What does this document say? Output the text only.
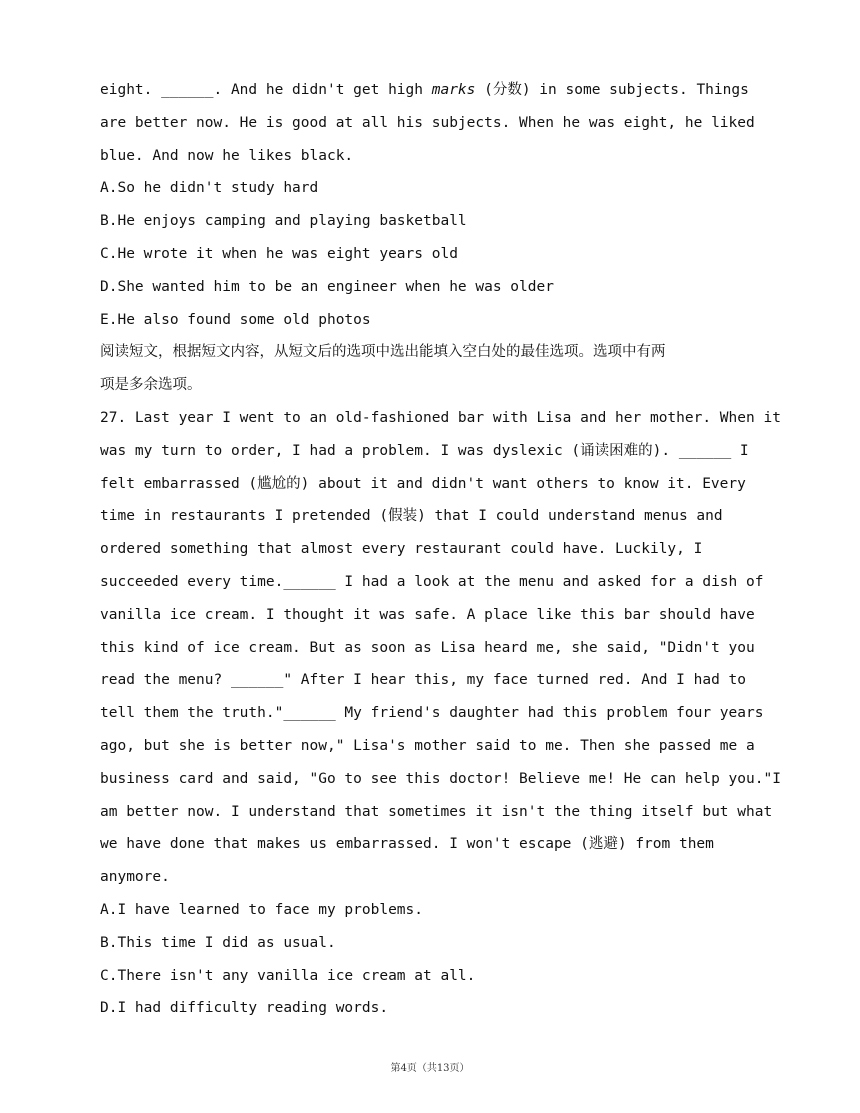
eight. ______. And he didn't get high marks (分数) in some subjects. Things
are better now. He is good at all his subjects. When he was eight, he liked
blue. And now he likes black.
A.So he didn't study hard
B.He enjoys camping and playing basketball
C.He wrote it when he was eight years old
D.She wanted him to be an engineer when he was older
E.He also found some old photos
阅读短文，根据短文内容，从短文后的选项中选出能填入空白处的最佳选项。选项中有两
项是多余选项。
27. Last year I went to an old-fashioned bar with Lisa and her mother. When it
was my turn to order, I had a problem. I was dyslexic (诵读困难的). ______ I
felt embarrassed (尴尬的) about it and didn't want others to know it. Every
time in restaurants I pretended (假装) that I could understand menus and
ordered something that almost every restaurant could have. Luckily, I
succeeded every time.______ I had a look at the menu and asked for a dish of
vanilla ice cream. I thought it was safe. A place like this bar should have
this kind of ice cream. But as soon as Lisa heard me, she said, "Didn't you
read the menu? ______" After I hear this, my face turned red. And I had to
tell them the truth."______ My friend's daughter had this problem four years
ago, but she is better now," Lisa's mother said to me. Then she passed me a
business card and said, "Go to see this doctor! Believe me! He can help you."I
am better now. I understand that sometimes it isn't the thing itself but what
we have done that makes us embarrassed. I won't escape (逃避) from them
anymore.
A.I have learned to face my problems.
B.This time I did as usual.
C.There isn't any vanilla ice cream at all.
D.I had difficulty reading words.
第4页（共13页）
